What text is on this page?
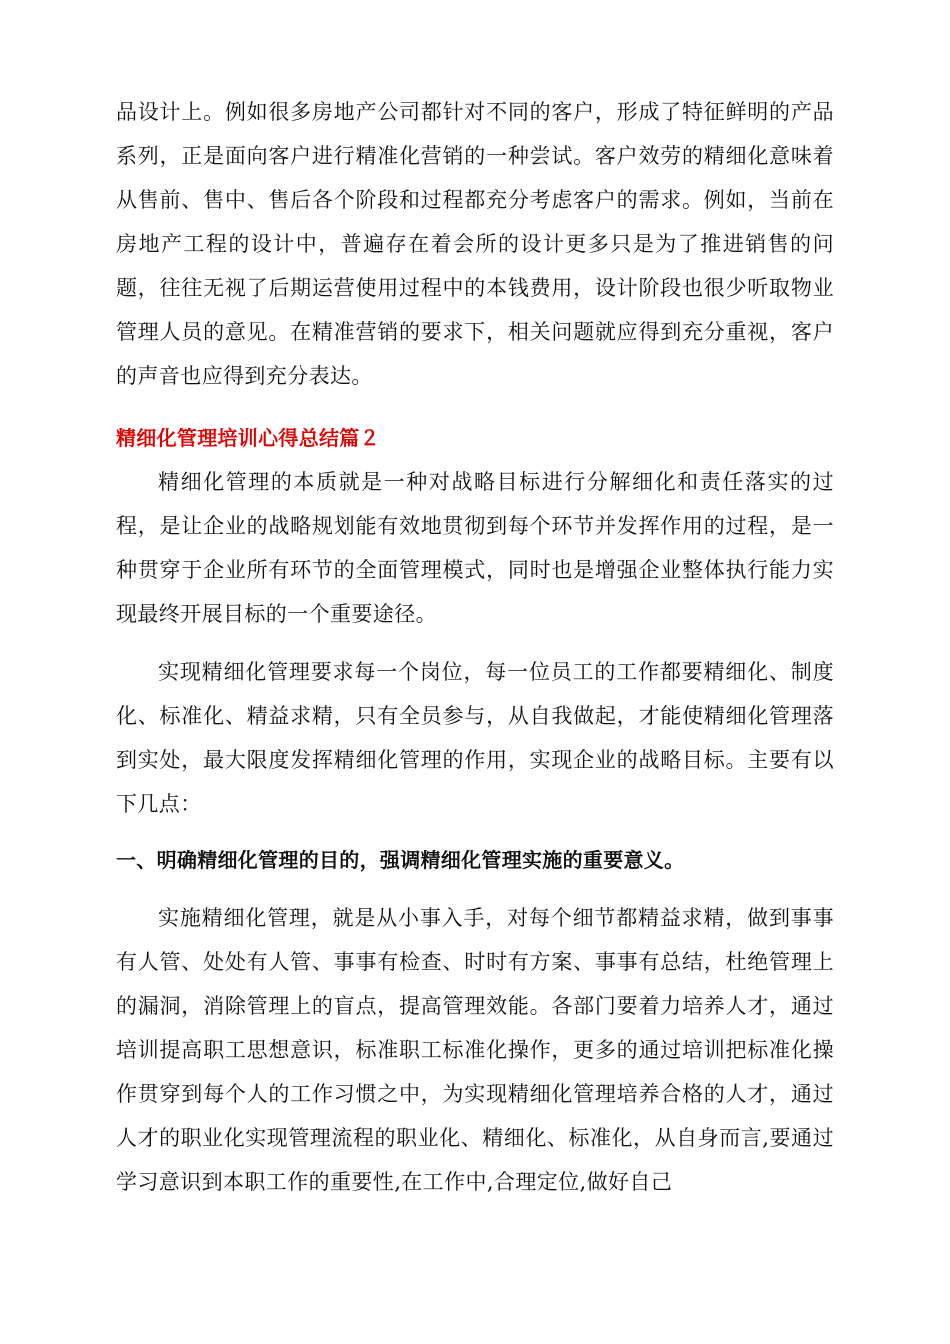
品设计上。例如很多房地产公司都针对不同的客户，形成了特征鲜明的产品系列，正是面向客户进行精准化营销的一种尝试。客户效劳的精细化意味着从售前、售中、售后各个阶段和过程都充分考虑客户的需求。例如，当前在房地产工程的设计中，普遍存在着会所的设计更多只是为了推进销售的问题，往往无视了后期运营使用过程中的本钱费用，设计阶段也很少听取物业管理人员的意见。在精准营销的要求下，相关问题就应得到充分重视，客户的声音也应得到充分表达。

精细化管理培训心得总结篇２

精细化管理的本质就是一种对战略目标进行分解细化和责任落实的过程，是让企业的战略规划能有效地贯彻到每个环节并发挥作用的过程，是一种贯穿于企业所有环节的全面管理模式，同时也是增强企业整体执行能力实现最终开展目标的一个重要途径。

实现精细化管理要求每一个岗位，每一位员工的工作都要精细化、制度化、标准化、精益求精，只有全员参与，从自我做起，才能使精细化管理落到实处，最大限度发挥精细化管理的作用，实现企业的战略目标。主要有以下几点：

一、明确精细化管理的目的，强调精细化管理实施的重要意义。

实施精细化管理，就是从小事入手，对每个细节都精益求精，做到事事有人管、处处有人管、事事有检查、时时有方案、事事有总结，杜绝管理上的漏洞，消除管理上的盲点，提高管理效能。各部门要着力培养人才，通过培训提高职工思想意识，标准职工标准化操作，更多的通过培训把标准化操作贯穿到每个人的工作习惯之中，为实现精细化管理培养合格的人才，通过人才的职业化实现管理流程的职业化、精细化、标准化，从自身而言,要通过学习意识到本职工作的重要性,在工作中,合理定位,做好自己
